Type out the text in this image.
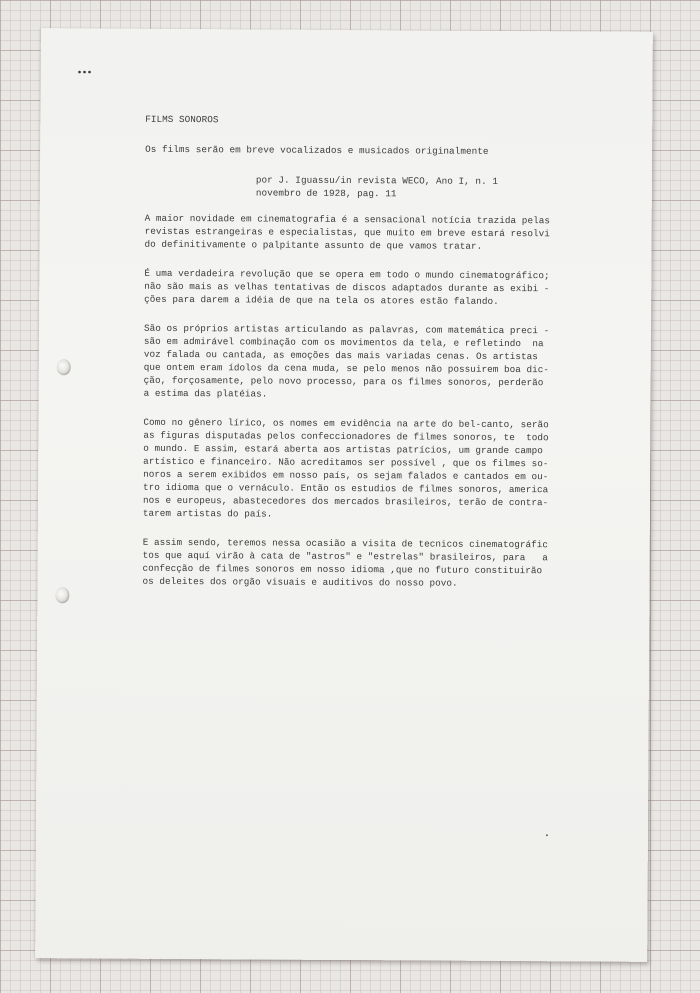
•••

FILMS SONOROS

Os films serão em breve vocalizados e musicados originalmente

por J. Iguassu/in revista WECO, Ano I, n. 1

novembro de 1928, pag. 11

A maior novidade em cinematografia é a sensacional notícia trazida pelas

revistas estrangeiras e especialistas, que muito em breve estará resolvi

do definitivamente o palpitante assunto de que vamos tratar.

É uma verdadeira revolução que se opera em todo o mundo cinematográfico;

não são mais as velhas tentativas de discos adaptados durante as exibi -

ções para darem a idéia de que na tela os atores estão falando.

São os próprios artistas articulando as palavras, com matemática preci -

são em admirável combinação com os movimentos da tela, e refletindo  na

voz falada ou cantada, as emoções das mais variadas cenas. Os artistas

que ontem eram ídolos da cena muda, se pelo menos não possuirem boa dic-

ção, forçosamente, pelo novo processo, para os filmes sonoros, perderão

a estima das platéias.

Como no gênero lírico, os nomes em evidência na arte do bel-canto, serão

as figuras disputadas pelos confeccionadores de filmes sonoros, te  todo

o mundo. E assim, estará aberta aos artistas patrícios, um grande campo

artístico e financeiro. Não acreditamos ser possível , que os filmes so-

noros a serem exibidos em nosso país, os sejam falados e cantados em ou-

tro idioma que o vernáculo. Então os estudios de filmes sonoros, america

nos e europeus, abastecedores dos mercados brasileiros, terão de contra-

tarem artistas do país.

E assim sendo, teremos nessa ocasião a visita de tecnicos cinematográfic

tos que aquí virão à cata de "astros" e "estrelas" brasileiros, para   a

confecção de filmes sonoros em nosso idioma ,que no futuro constituirão

os deleites dos orgão visuais e auditivos do nosso povo.
